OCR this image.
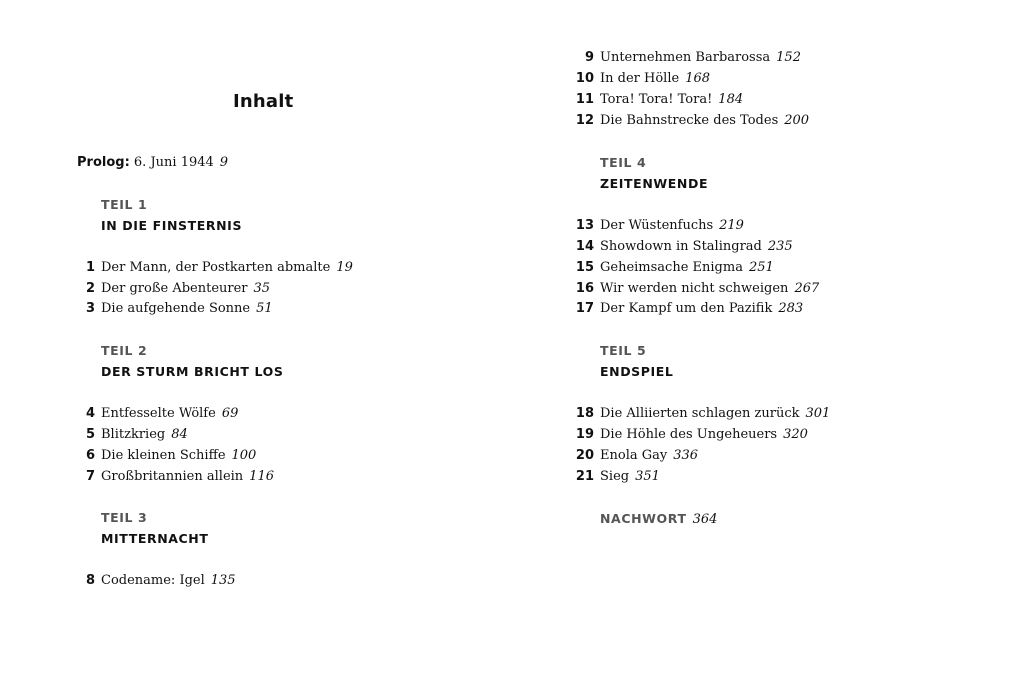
Inhalt
Prolog: 6. Juni 1944 9
TEIL 1
IN DIE FINSTERNIS
1 Der Mann, der Postkarten abmalte 19
2 Der große Abenteurer 35
3 Die aufgehende Sonne 51
TEIL 2
DER STURM BRICHT LOS
4 Entfesselte Wölfe 69
5 Blitzkrieg 84
6 Die kleinen Schiffe 100
7 Großbritannien allein 116
TEIL 3
MITTERNACHT
8 Codename: Igel 135
9 Unternehmen Barbarossa 152
10 In der Hölle 168
11 Tora! Tora! Tora! 184
12 Die Bahnstrecke des Todes 200
TEIL 4
ZEITENWENDE
13 Der Wüstenfuchs 219
14 Showdown in Stalingrad 235
15 Geheimsache Enigma 251
16 Wir werden nicht schweigen 267
17 Der Kampf um den Pazifik 283
TEIL 5
ENDSPIEL
18 Die Alliierten schlagen zurück 301
19 Die Höhle des Ungeheuers 320
20 Enola Gay 336
21 Sieg 351
NACHWORT 364
